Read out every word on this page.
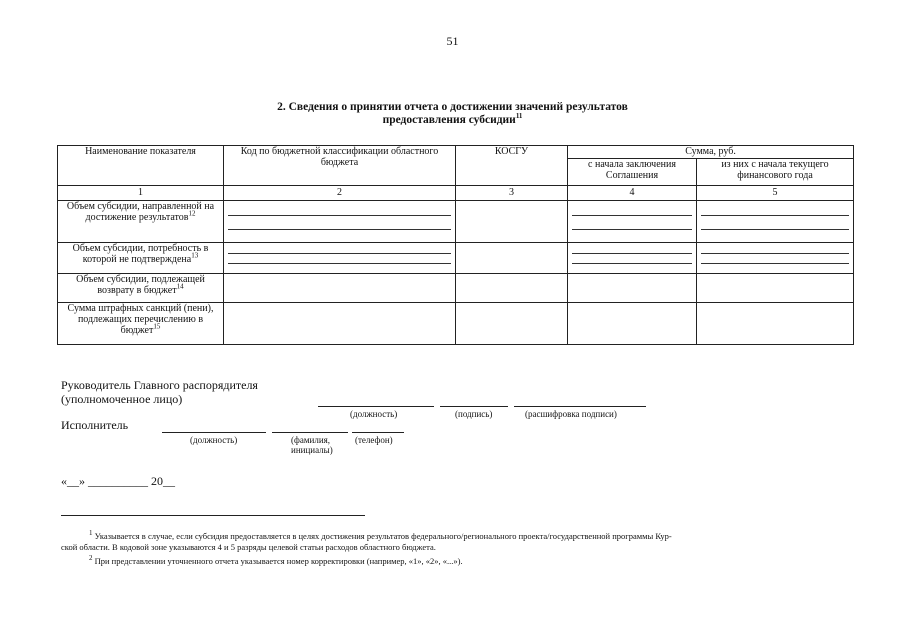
51
2. Сведения о принятии отчета о достижении значений результатов
предоставления субсидии$^{11}$
Наименование показателя	Код по бюджетной классификации областного бюджета	КОСГУ	Сумма, руб.	
			с начала заключения Соглашения	из них с начала текущего финансового года
1	2	3	4	5
Объем субсидии, направленной на достижение результатов$^{12}$	

Объем субсидии, потребность в которой не подтверждена$^{13}$	

Объем субсидии, подлежащей возврату в бюджет$^{14}$				
Сумма штрафных санкций (пени), подлежащих перечислению в бюджет$^{15}$				
Руководитель Главного распорядителя
(уполномоченное лицо)
(должность)	(подпись)	(расшифровка подписи)
Исполнитель
(должность)	(фамилия,
инициалы)
(телефон)
«__» __________ 20__
$^1$ Указывается в случае, если субсидия предоставляется в целях достижения результатов федерального/регионального проекта/государственной программы Кур-
ской области. В кодовой зоне указываются 4 и 5 разряды целевой статьи расходов областного бюджета.
$^2$ При представлении уточненного отчета указывается номер корректировки (например, «1», «2», «...»).
